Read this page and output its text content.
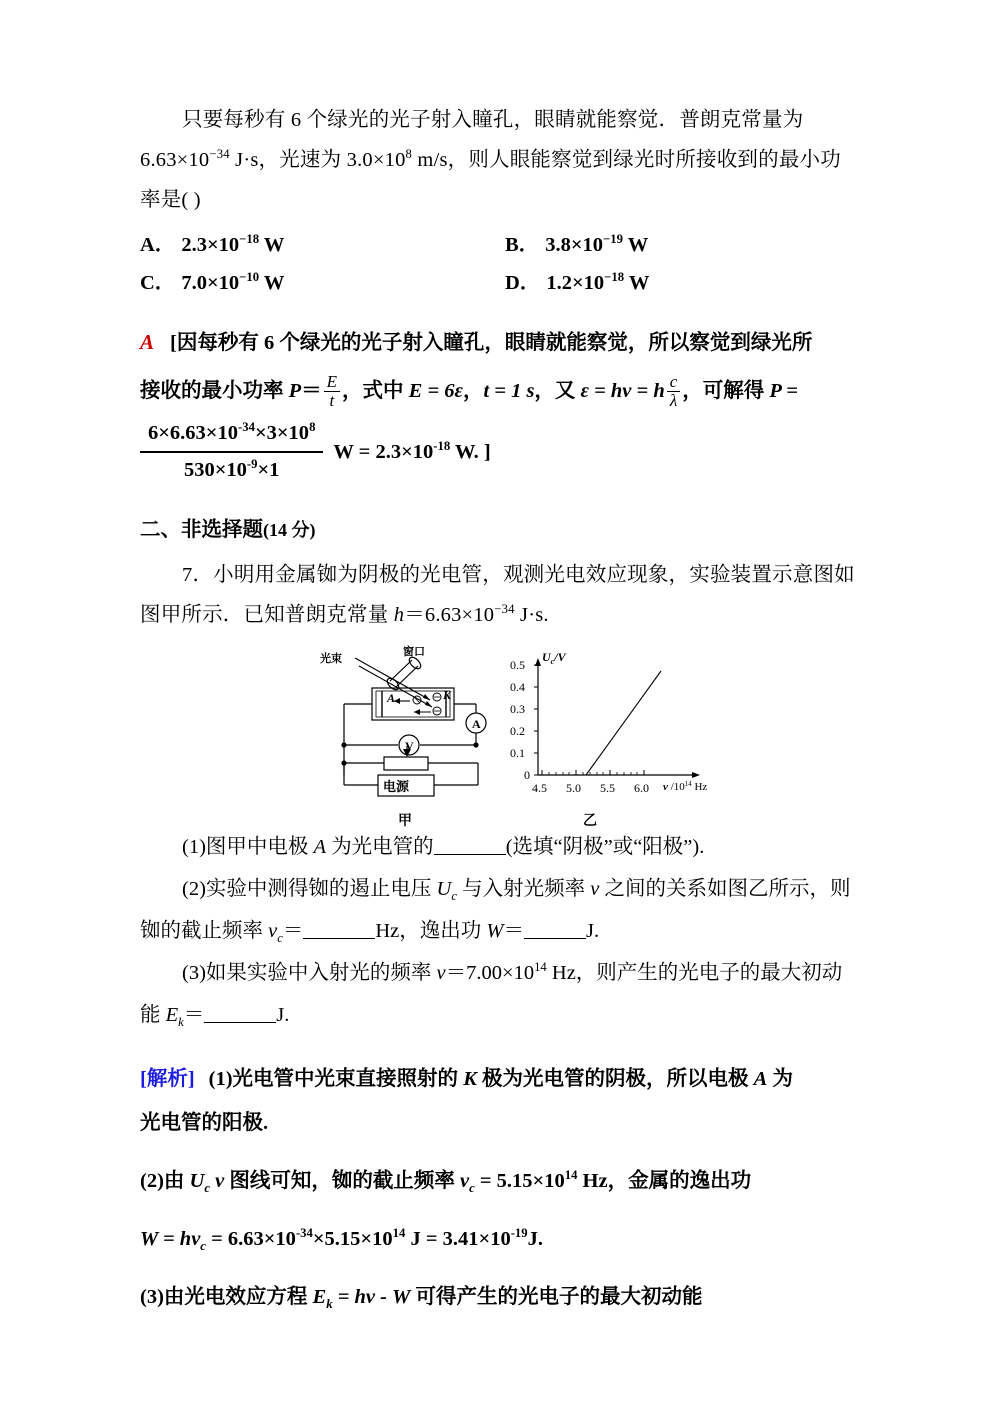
只要每秒有 6 个绿光的光子射入瞳孔，眼睛就能察觉．普朗克常量为
$6.63\times 10^{-34}$ J·s，光速为 $3.0\times 10^8$ m/s，则人眼能察觉到绿光时所接收到的最小功
率是( )
A． $2.3\times 10^{-18}$ W	B． $3.8\times 10^{-19}$ W
C． $7.0\times 10^{-10}$ W	D． $1.2\times 10^{-18}$ W
A [因每秒有 6 个绿光的光子射入瞳孔，眼睛就能察觉，所以察觉到绿光所
接收的最小功率 $P= \frac{E}{t}$ ，式中 E = 6ε，t = 1 s，又 ε = hν = h $\frac{c}{\lambda}$ ，可解得 P =
$\frac{6\times 6.63\times 10^{-34}\times 3\times 10^8}{530\times 10^{-9}\times 1}$ $W = 2.3\times 10^{-18}$ W. ]
二、非选择题(14 分)
7．小明用金属铷为阴极的光电管，观测光电效应现象，实验装置示意图如
图甲所示．已知普朗克常量 $h=6.63\times 10^{-34}$ J·s.
光束
窗口
A	K
A
V
电源
甲
$U_c/V$
0.5
0.4
0.3
0.2
0.1
0
4.5 5.0 5.5 6.0 ν $/10^{14}$ Hz
乙
(1)图甲中电极 A 为光电管的	(选填“阴极”或“阳极”).
(2)实验中测得铷的遏止电压 $U_c$ 与入射光频率 ν 之间的关系如图乙所示，则
铷的截止频率 $\nu_c=$	Hz，逸出功 W＝	J.
(3)如果实验中入射光的频率 $\nu=7.00\times 10^{14}$ Hz，则产生的光电子的最大初动
能 $E_k=$	J.
[解析] (1)光电管中光束直接照射的 K 极为光电管的阴极，所以电极 A 为
光电管的阳极.
(2)由 $U_c$ ν 图线可知，铷的截止频率 $\nu_c = 5.15\times 10^{14}$ Hz，金属的逸出功
$W = h\nu_c = 6.63\times 10^{-34}\times 5.15\times 10^{14}$ $J = 3.41\times 10^{-19}J$.
(3)由光电效应方程 $E_k = h\nu - W$ 可得产生的光电子的最大初动能
